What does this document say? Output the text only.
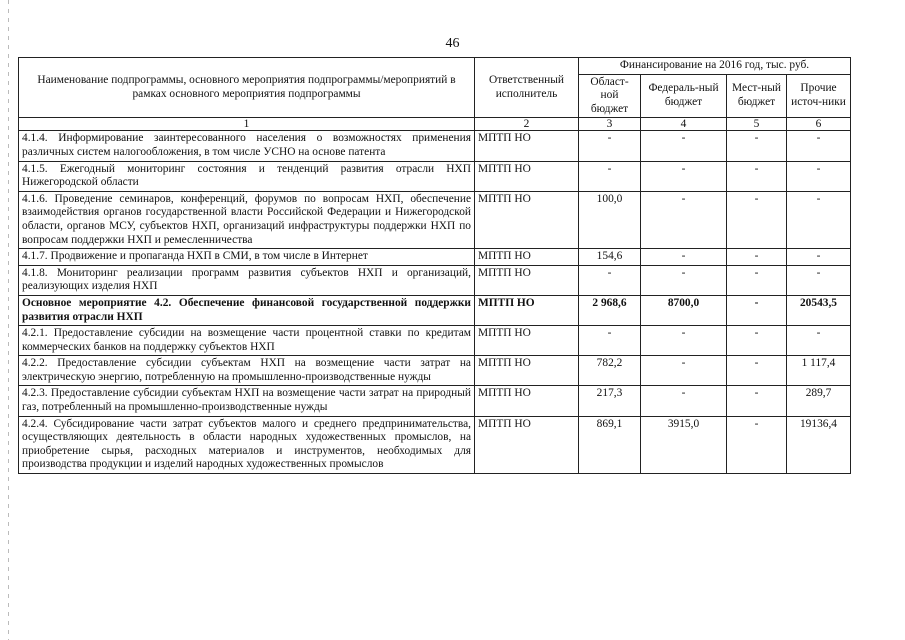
46
Наименование подпрограммы, основного мероприятия подпрограммы/мероприятий в рамках основного мероприятия подпрограммы	Ответственный исполнитель	Финансирование на 2016 год, тыс. руб.			
		Област-ной бюджет	Федераль-ный бюджет	Мест-ный бюджет	Прочие источ-ники
1	2	3	4	5	6
4.1.4. Информирование заинтересованного населения о возможностях применения различных систем налогообложения, в том числе УСНО на основе патента	МПТП НО	-	-	-	-
4.1.5. Ежегодный мониторинг состояния и тенденций развития отрасли НХП Нижегородской области	МПТП НО	-	-	-	-
4.1.6. Проведение семинаров, конференций, форумов по вопросам НХП, обеспечение взаимодействия органов государственной власти Российской Федерации и Нижегородской области, органов МСУ, субъектов НХП, организаций инфраструктуры поддержки НХП по вопросам поддержки НХП и ремесленничества	МПТП НО	100,0	-	-	-
4.1.7. Продвижение и пропаганда НХП в СМИ, в том числе в Интернет	МПТП НО	154,6	-	-	-
4.1.8. Мониторинг реализации программ развития субъектов НХП и организаций, реализующих изделия НХП	МПТП НО	-	-	-	-
Основное мероприятие 4.2. Обеспечение финансовой государственной поддержки развития отрасли НХП	МПТП НО	2 968,6	8700,0	-	20543,5
4.2.1. Предоставление субсидии на возмещение части процентной ставки по кредитам коммерческих банков на поддержку субъектов НХП	МПТП НО	-	-	-	-
4.2.2. Предоставление субсидии субъектам НХП на возмещение части затрат на электрическую энергию, потребленную на промышленно-производственные нужды	МПТП НО	782,2	-	-	1 117,4
4.2.3. Предоставление субсидии субъектам НХП на возмещение части затрат на природный газ, потребленный на промышленно-производственные нужды	МПТП НО	217,3	-	-	289,7
4.2.4. Субсидирование части затрат субъектов малого и среднего предпринимательства, осуществляющих деятельность в области народных художественных промыслов, на приобретение сырья, расходных материалов и инструментов, необходимых для производства продукции и изделий народных художественных промыслов	МПТП НО	869,1	3915,0	-	19136,4
